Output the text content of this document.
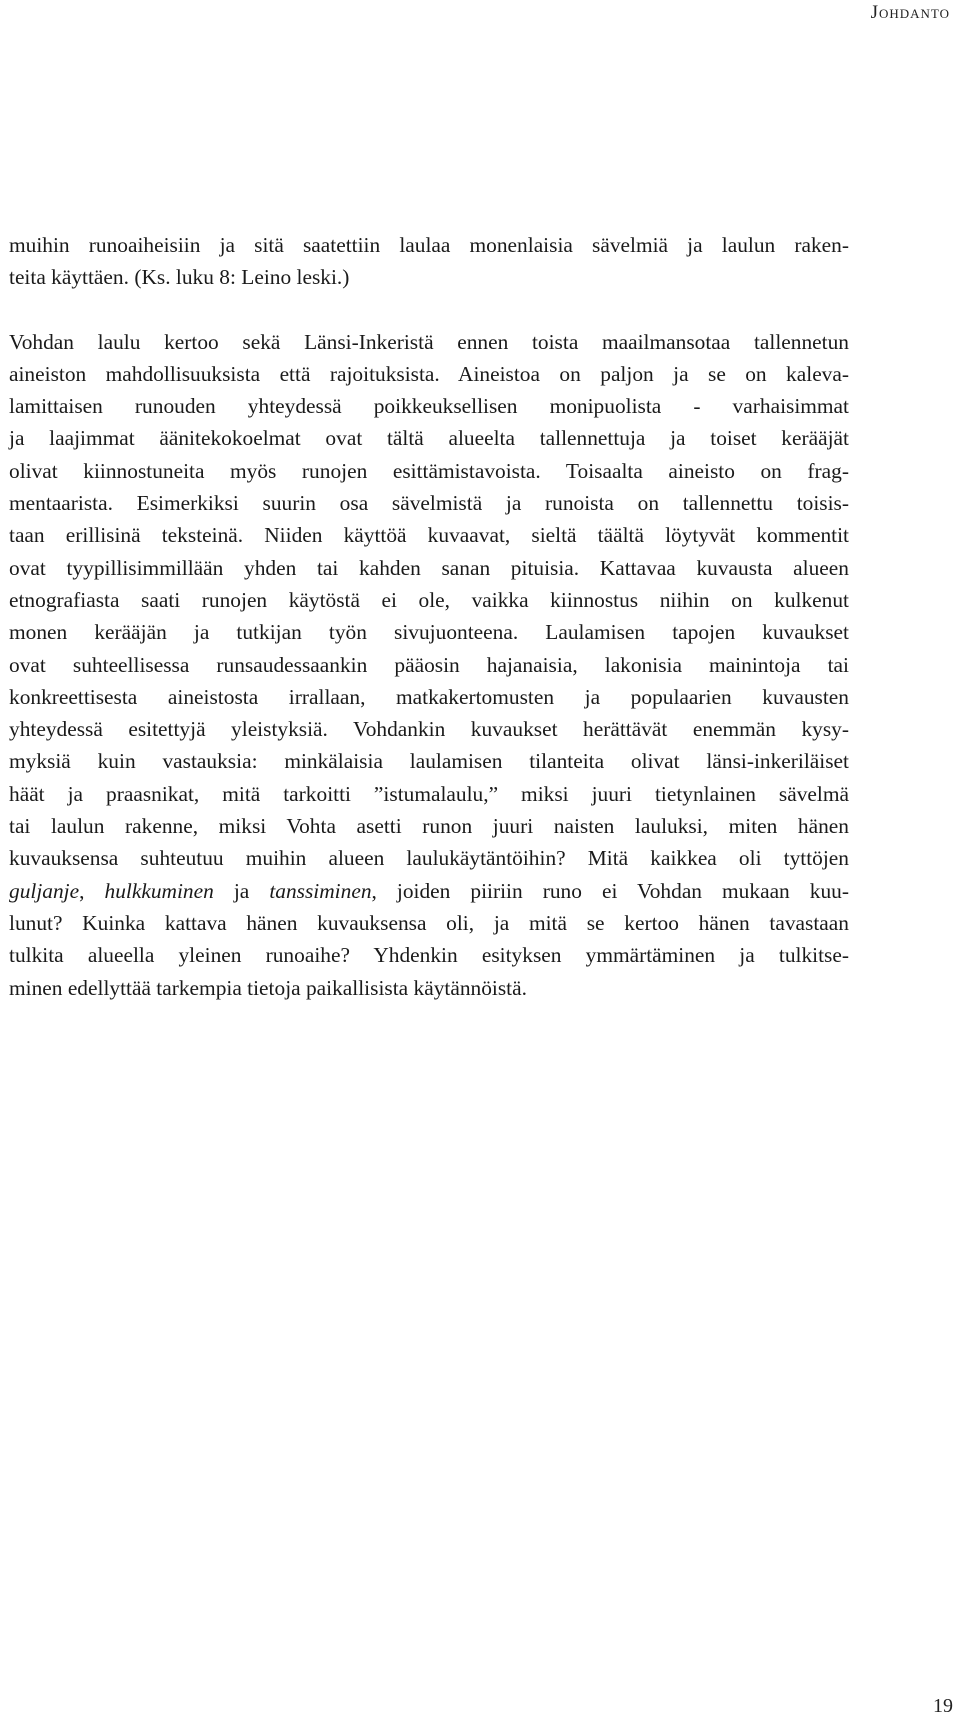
Johdanto
muihin runoaiheisiin ja sitä saatettiin laulaa monenlaisia sävelmiä ja laulun raken-
teita käyttäen. (Ks. luku 8: Leino leski.)
Vohdan laulu kertoo sekä Länsi-Inkeristä ennen toista maailmansotaa tallennetun
aineiston mahdollisuuksista että rajoituksista. Aineistoa on paljon ja se on kaleva-
lamittaisen runouden yhteydessä poikkeuksellisen monipuolista - varhaisimmat
ja laajimmat äänitekokoelmat ovat tältä alueelta tallennettuja ja toiset kerääjät
olivat kiinnostuneita myös runojen esittämistavoista. Toisaalta aineisto on frag-
mentaarista. Esimerkiksi suurin osa sävelmistä ja runoista on tallennettu toisis-
taan erillisinä teksteinä. Niiden käyttöä kuvaavat, sieltä täältä löytyvät kommentit
ovat tyypillisimmillään yhden tai kahden sanan pituisia. Kattavaa kuvausta alueen
etnografiasta saati runojen käytöstä ei ole, vaikka kiinnostus niihin on kulkenut
monen kerääjän ja tutkijan työn sivujuonteena. Laulamisen tapojen kuvaukset
ovat suhteellisessa runsaudessaankin pääosin hajanaisia, lakonisia mainintoja tai
konkreettisesta aineistosta irrallaan, matkakertomusten ja populaarien kuvausten
yhteydessä esitettyjä yleistyksiä. Vohdankin kuvaukset herättävät enemmän kysy-
myksiä kuin vastauksia: minkälaisia laulamisen tilanteita olivat länsi-inkeriläiset
häät ja praasnikat, mitä tarkoitti ”istumalaulu,” miksi juuri tietynlainen sävelmä
tai laulun rakenne, miksi Vohta asetti runon juuri naisten lauluksi, miten hänen
kuvauksensa suhteutuu muihin alueen laulukäytäntöihin? Mitä kaikkea oli tyttöjen
guljanje, hulkkuminen ja tanssiminen, joiden piiriin runo ei Vohdan mukaan kuu-
lunut? Kuinka kattava hänen kuvauksensa oli, ja mitä se kertoo hänen tavastaan
tulkita alueella yleinen runoaihe? Yhdenkin esityksen ymmärtäminen ja tulkitse-
minen edellyttää tarkempia tietoja paikallisista käytännöistä.
19
